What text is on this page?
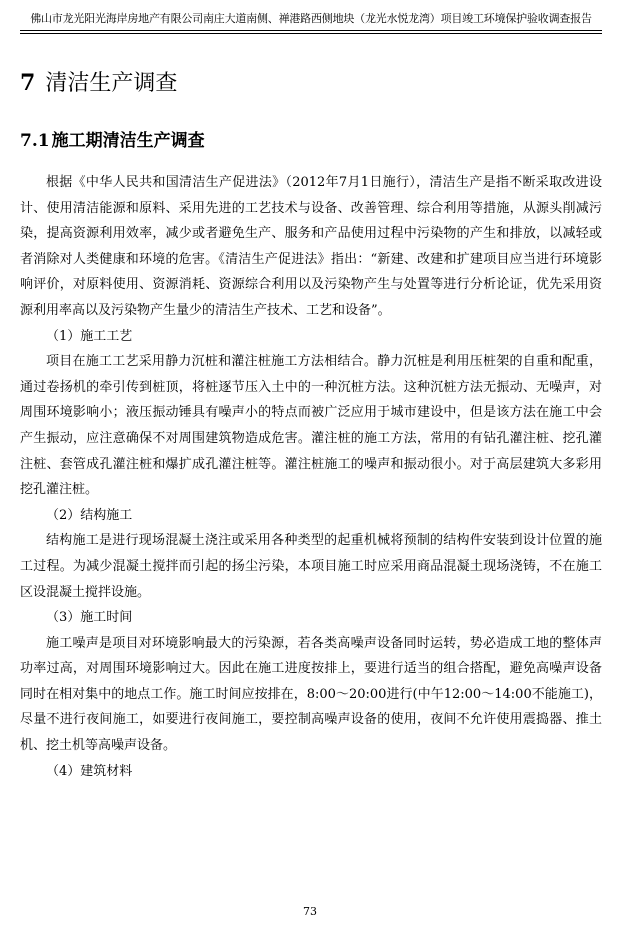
佛山市龙光阳光海岸房地产有限公司南庄大道南侧、禅港路西侧地块（龙光水悦龙湾）项目竣工环境保护验收调查报告
7 清洁生产调查
7.1 施工期清洁生产调查

根据《中华人民共和国清洁生产促进法》（2012年7月1日施行），清洁生产是指不断采取改进设计、使用清洁能源和原料、采用先进的工艺技术与设备、改善管理、综合利用等措施，从源头削减污染，提高资源利用效率，减少或者避免生产、服务和产品使用过程中污染物的产生和排放，以减轻或者消除对人类健康和环境的危害。《清洁生产促进法》指出：“新建、改建和扩建项目应当进行环境影响评价，对原料使用、资源消耗、资源综合利用以及污染物产生与处置等进行分析论证，优先采用资源利用率高以及污染物产生量少的清洁生产技术、工艺和设备”。

（1）施工工艺

项目在施工工艺采用静力沉桩和灌注桩施工方法相结合。静力沉桩是利用压桩架的自重和配重，通过卷扬机的牵引传到桩顶，将桩逐节压入土中的一种沉桩方法。这种沉桩方法无振动、无噪声，对周围环境影响小；液压振动锤具有噪声小的特点而被广泛应用于城市建设中，但是该方法在施工中会产生振动，应注意确保不对周围建筑物造成危害。灌注桩的施工方法，常用的有钻孔灌注桩、挖孔灌注桩、套管成孔灌注桩和爆扩成孔灌注桩等。灌注桩施工的噪声和振动很小。对于高层建筑大多彩用挖孔灌注桩。

（2）结构施工

结构施工是进行现场混凝土浇注或采用各种类型的起重机械将预制的结构件安装到设计位置的施工过程。为减少混凝土搅拌而引起的扬尘污染，本项目施工时应采用商品混凝土现场浇铸，不在施工区设混凝土搅拌设施。

（3）施工时间

施工噪声是项目对环境影响最大的污染源，若各类高噪声设备同时运转，势必造成工地的整体声功率过高，对周围环境影响过大。因此在施工进度按排上，要进行适当的组合搭配，避免高噪声设备同时在相对集中的地点工作。施工时间应按排在，8:00～20:00进行(中午12:00～14:00不能施工)，尽量不进行夜间施工，如要进行夜间施工，要控制高噪声设备的使用，夜间不允许使用震捣器、推土机、挖土机等高噪声设备。

（4）建筑材料

73
